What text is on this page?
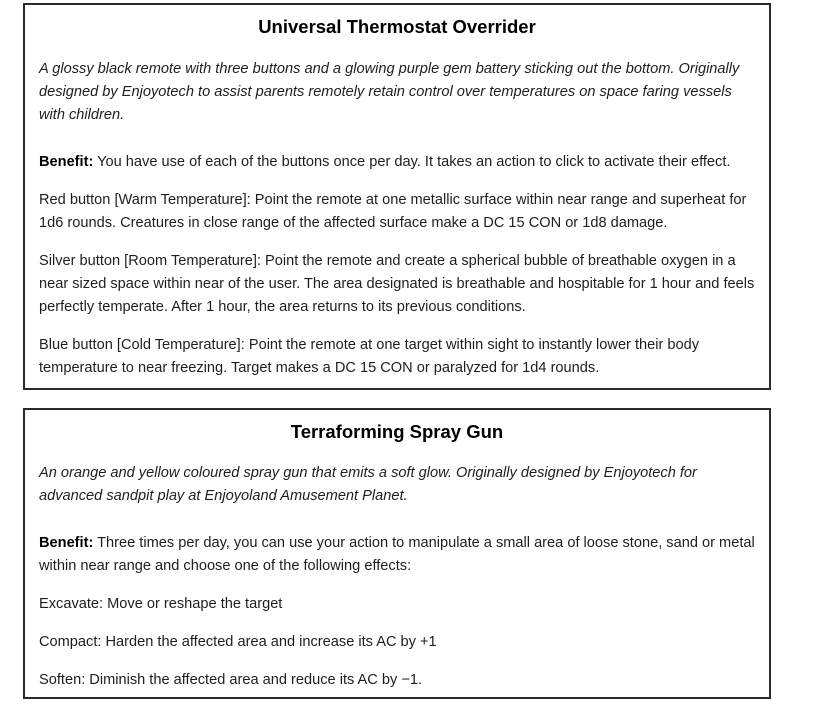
Universal Thermostat Overrider

A glossy black remote with three buttons and a glowing purple gem battery sticking out the bottom. Originally designed by Enjoyotech to assist parents remotely retain control over temperatures on space faring vessels with children.

Benefit: You have use of each of the buttons once per day. It takes an action to click to activate their effect.

Red button [Warm Temperature]: Point the remote at one metallic surface within near range and superheat for 1d6 rounds. Creatures in close range of the affected surface make a DC 15 CON or 1d8 damage.

Silver button [Room Temperature]: Point the remote and create a spherical bubble of breathable oxygen in a near sized space within near of the user. The area designated is breathable and hospitable for 1 hour and feels perfectly temperate. After 1 hour, the area returns to its previous conditions.

Blue button [Cold Temperature]: Point the remote at one target within sight to instantly lower their body temperature to near freezing. Target makes a DC 15 CON or paralyzed for 1d4 rounds.

Terraforming Spray Gun

An orange and yellow coloured spray gun that emits a soft glow. Originally designed by Enjoyotech for advanced sandpit play at Enjoyoland Amusement Planet.

Benefit: Three times per day, you can use your action to manipulate a small area of loose stone, sand or metal within near range and choose one of the following effects:

Excavate: Move or reshape the target

Compact: Harden the affected area and increase its AC by +1

Soften: Diminish the affected area and reduce its AC by −1.
